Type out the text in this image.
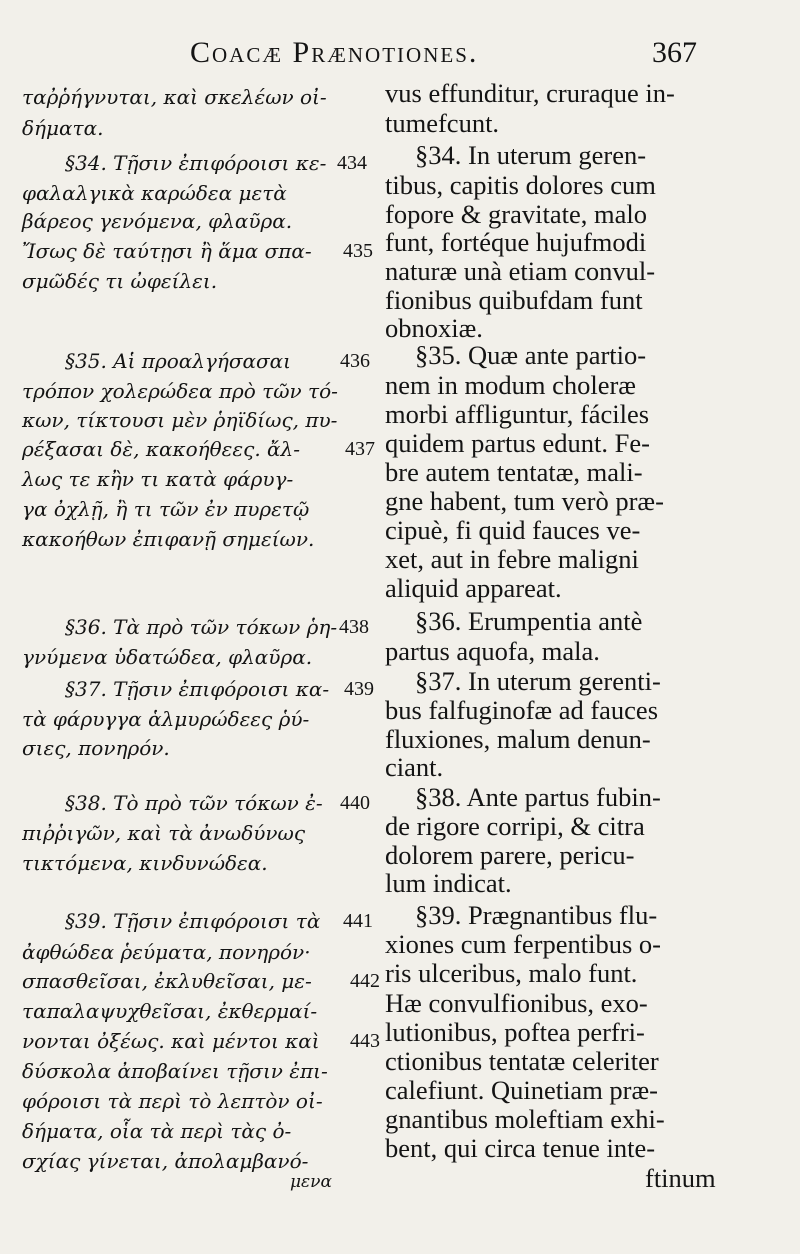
Coacæ Prænotiones.	367
ταῤῥήγνυται, καὶ σκελέων οἰ-
δήματα.
§34. Τῇσιν ἐπιφόροισι κε-
φαλαλγικὰ καρώδεα μετὰ
βάρεος γενόμενα, φλαῦρα.
Ἴσως δὲ ταύτῃσι ἢ ἅμα σπα-
σμῶδές τι ὠφείλει.
§35. Αἱ προαλγήσασαι
τρόπον χολερώδεα πρὸ τῶν τό-
κων, τίκτουσι μὲν ῥηϊδίως, πυ-
ρέξασαι δὲ, κακοήθεες. ἄλ-
λως τε κἢν τι κατὰ φάρυγ-
γα ὀχλῇ, ἢ τι τῶν ἐν πυρετῷ
κακοήθων ἐπιφανῇ σημείων.
§36. Τὰ πρὸ τῶν τόκων ῥη-
γνύμενα ὑδατώδεα, φλαῦρα.
§37. Τῇσιν ἐπιφόροισι κα-
τὰ φάρυγγα ἁλμυρώδεες ῥύ-
σιες, πονηρόν.
§38. Τὸ πρὸ τῶν τόκων ἐ-
πιῤῥιγῶν, καὶ τὰ ἀνωδύνως
τικτόμενα, κινδυνώδεα.
§39. Τῇσιν ἐπιφόροισι τὰ
ἀφθώδεα ῥεύματα, πονηρόν·
σπασθεῖσαι, ἐκλυθεῖσαι, με-
ταπαλαψυχθεῖσαι, ἐκθερμαί-
νονται ὀξέως. καὶ μέντοι καὶ
δύσκολα ἀποβαίνει τῇσιν ἐπι-
φόροισι τὰ περὶ τὸ λεπτὸν οἰ-
δήματα, οἷα τὰ περὶ τὰς ὀ-
σχίας γίνεται, ἀπολαμβανό-
434
435
436
437
438
439
440
441
442
443
vus effunditur, cruraque in-
tumefcunt.
§34. In uterum geren-
tibus, capitis dolores cum
fopore & gravitate, malo
funt, fortéque hujufmodi
naturæ unà etiam convul-
fionibus quibufdam funt
obnoxiæ.
§35. Quæ ante partio-
nem in modum choleræ
morbi affliguntur, fáciles
quidem partus edunt. Fe-
bre autem tentatæ, mali-
gne habent, tum verò præ-
cipuè, fi quid fauces ve-
xet, aut in febre maligni
aliquid appareat.
§36. Erumpentia antè
partus aquofa, mala.
§37. In uterum gerenti-
bus falfuginofæ ad fauces
fluxiones, malum denun-
ciant.
§38. Ante partus fubin-
de rigore corripi, & citra
dolorem parere, pericu-
lum indicat.
§39. Prægnantibus flu-
xiones cum ferpentibus o-
ris ulceribus, malo funt.
Hæ convulfionibus, exo-
lutionibus, poftea perfri-
ctionibus tentatæ celeriter
calefiunt. Quinetiam præ-
gnantibus moleftiam exhi-
bent, qui circa tenue inte-
ftinum
μενα
